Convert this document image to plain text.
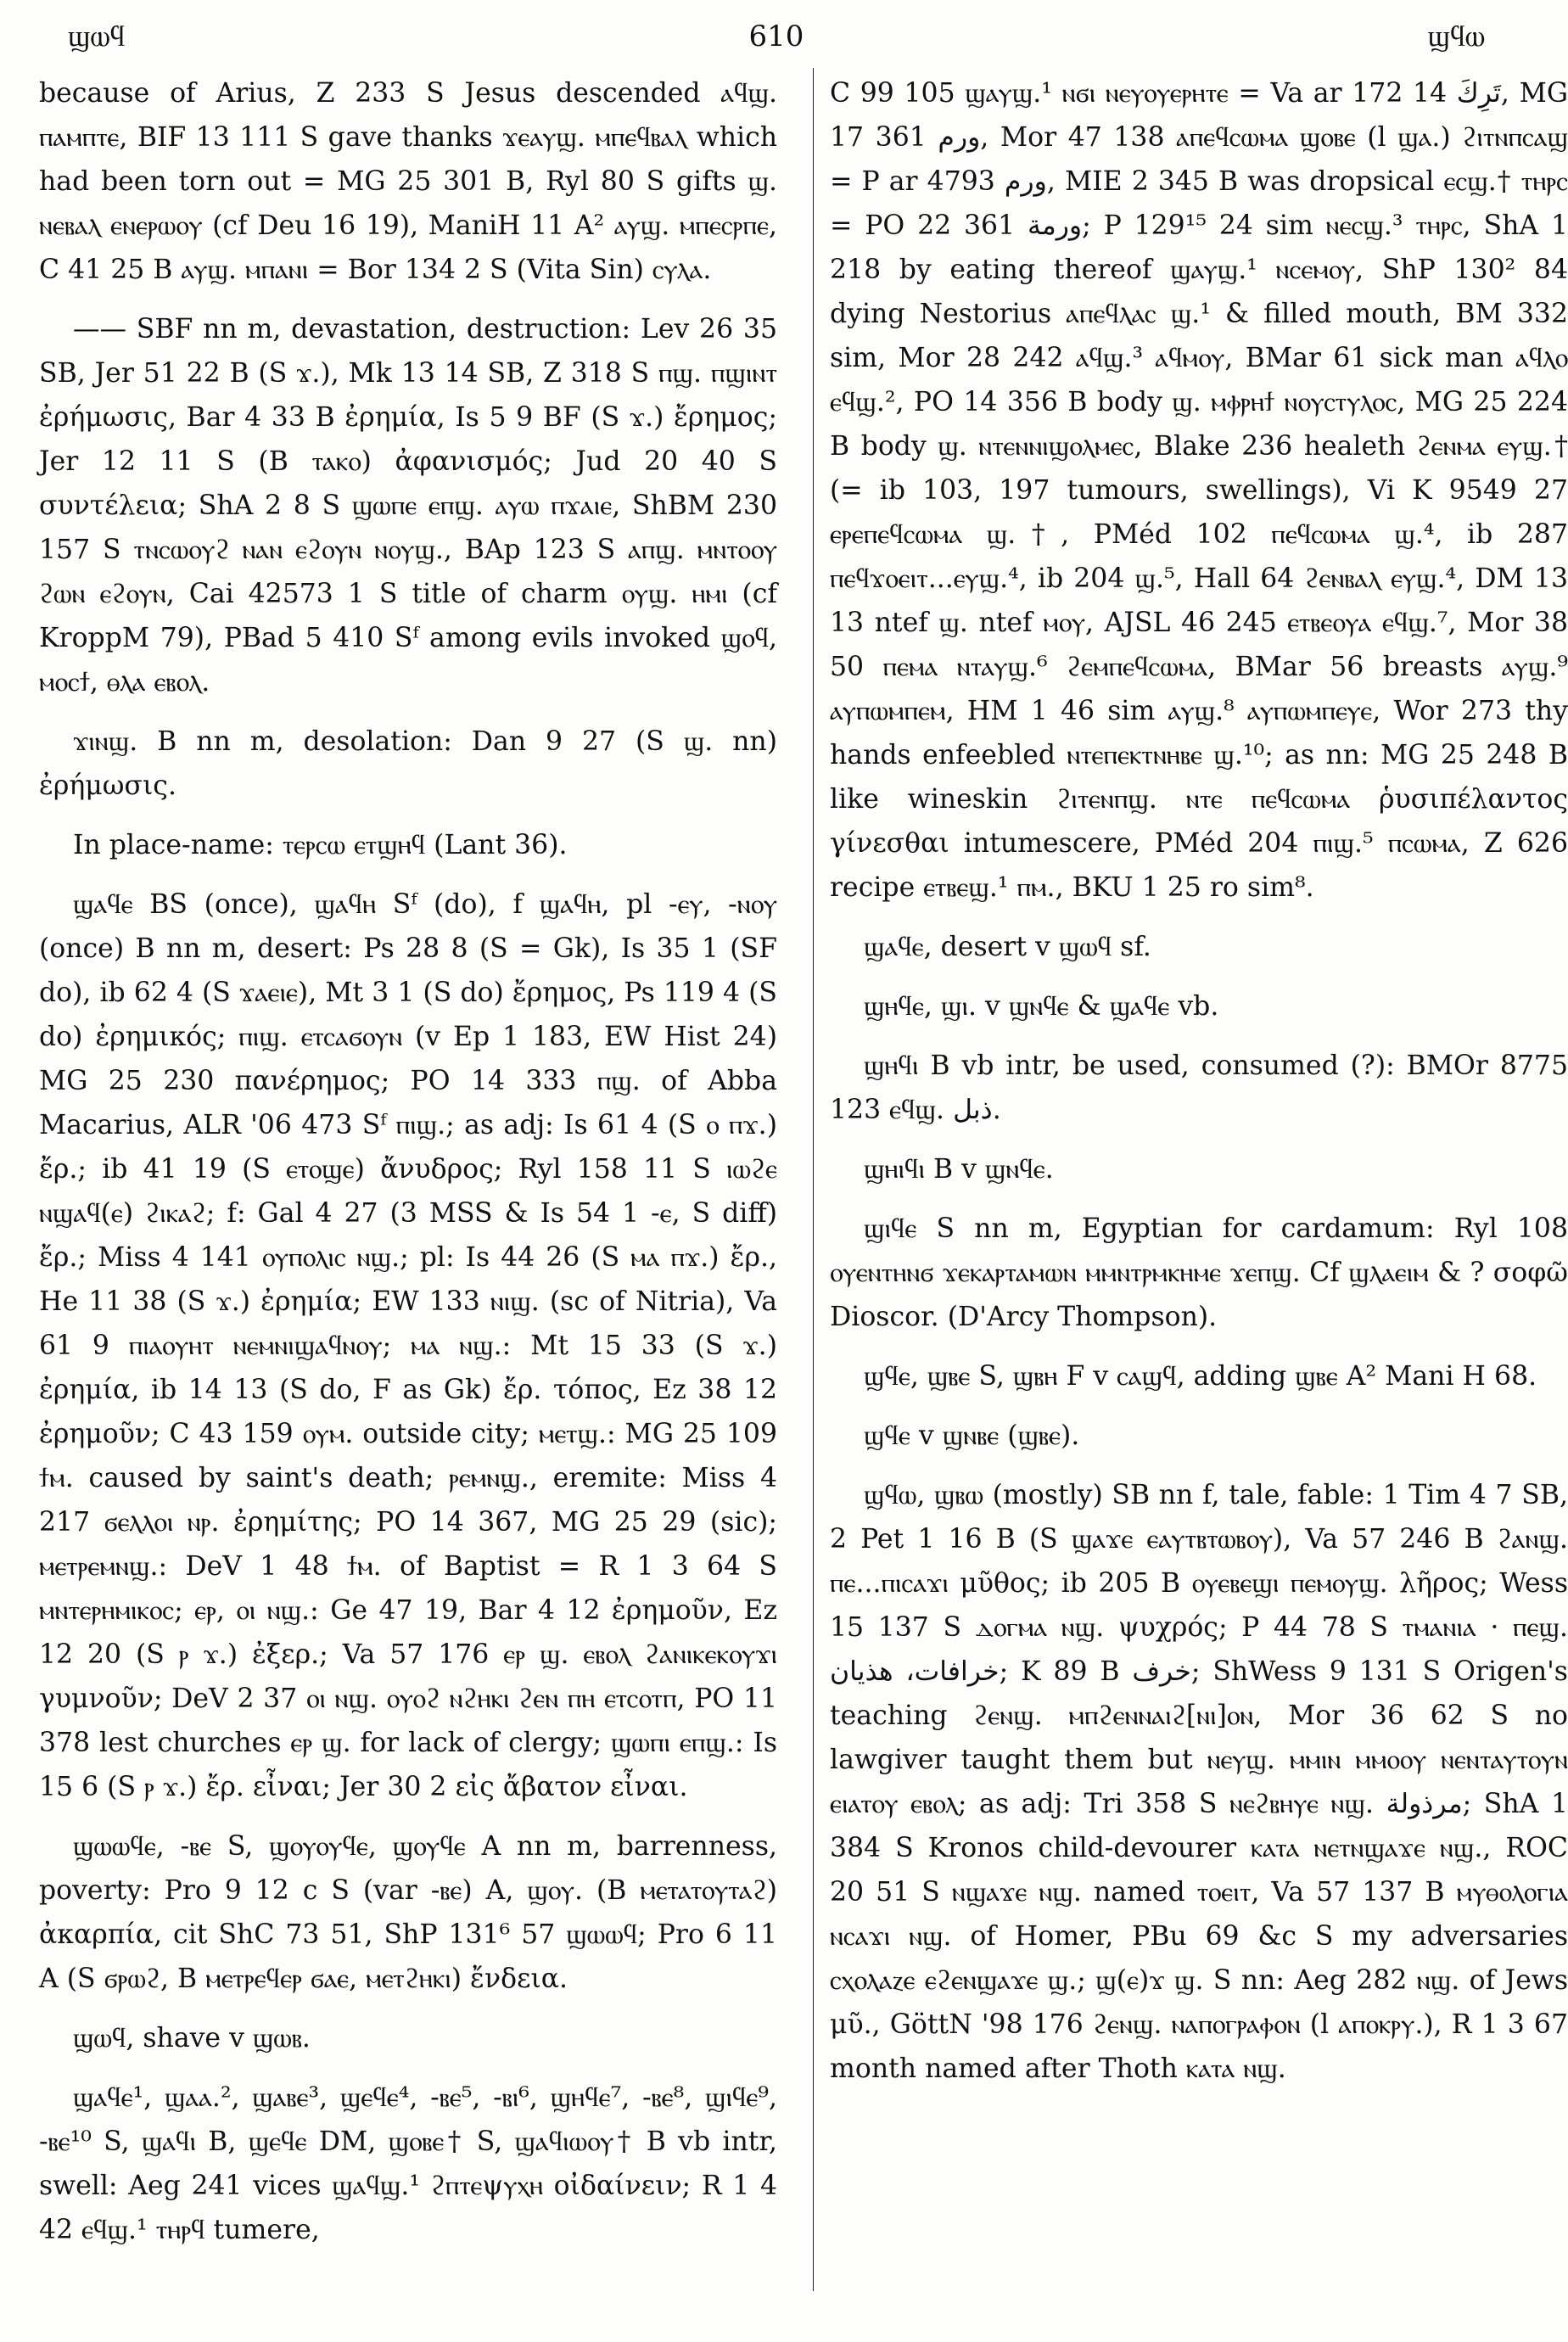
ϣⲱϥ	610	ϣϥⲱ

because of Arius, Z 233 S Jesus descended ⲁϥϣ. ⲡⲁⲙⲡⲧⲉ, BIF 13 111 S gave thanks ϫⲉⲁⲩϣ. ⲙⲡⲉϥⲃⲁⲗ which had been torn out = MG 25 301 B, Ryl 80 S gifts ϣ. ⲛⲉⲃⲁⲗ ⲉⲛⲉⲣⲱⲟⲩ (cf Deu 16 19), ManiH 11 A² ⲁⲩϣ. ⲙⲡⲉⲥⲣⲡⲉ, C 41 25 B ⲁⲩϣ. ⲙⲡⲁⲛⲓ = Bor 134 2 S (Vita Sin) ⲥⲩⲗⲁ.

—— SBF nn m, devastation, destruction: Lev 26 35 SB, Jer 51 22 B (S ϫ.), Mk 13 14 SB, Z 318 S ⲡϣ. ⲡϣⲓⲛⲧ ἐρήμωσις, Bar 4 33 B ἐρημία, Is 5 9 BF (S ϫ.) ἔρημος; Jer 12 11 S (B ⲧⲁⲕⲟ) ἀφανισμός; Jud 20 40 S συντέλεια; ShA 2 8 S ϣⲱⲡⲉ ⲉⲡϣ. ⲁⲩⲱ ⲡϫⲁⲓⲉ, ShBM 230 157 S ⲧⲛⲥⲱⲟⲩϩ ⲛⲁⲛ ⲉϩⲟⲩⲛ ⲛⲟⲩϣ., BAp 123 S ⲁⲡϣ. ⲙⲛⲧⲟⲟⲩ ϩⲱⲛ ⲉϩⲟⲩⲛ, Cai 42573 1 S title of charm ⲟⲩϣ. ⲏⲙⲓ (cf KroppM 79), PBad 5 410 Sᶠ among evils invoked ϣⲟϥ, ⲙⲟⲥϯ, ⲑⲗⲁ ⲉⲃⲟⲗ.

ϫⲓⲛϣ. B nn m, desolation: Dan 9 27 (S ϣ. nn) ἐρήμωσις.

In place-name: ⲧⲉⲣⲥⲱ ⲉⲧϣⲏϥ (Lant 36).

ϣⲁϥⲉ BS (once), ϣⲁϥⲏ Sᶠ (do), f ϣⲁϥⲏ, pl -ⲉⲩ, -ⲛⲟⲩ (once) B nn m, desert: Ps 28 8 (S = Gk), Is 35 1 (SF do), ib 62 4 (S ϫⲁⲉⲓⲉ), Mt 3 1 (S do) ἔρημος, Ps 119 4 (S do) ἐρημικός; ⲡⲓϣ. ⲉⲧⲥⲁϭⲟⲩⲛ (v Ep 1 183, EW Hist 24) MG 25 230 πανέρημος; PO 14 333 ⲡϣ. of Abba Macarius, ALR '06 473 Sᶠ ⲡⲓϣ.; as adj: Is 61 4 (S ⲟ ⲡϫ.) ἔρ.; ib 41 19 (S ⲉⲧⲟϣⲉ) ἄνυδρος; Ryl 158 11 S ⲓⲱϩⲉ ⲛϣⲁϥ(ⲉ) ϩⲓⲕⲁϩ; f: Gal 4 27 (3 MSS & Is 54 1 -ⲉ, S diff) ἔρ.; Miss 4 141 ⲟⲩⲡⲟⲗⲓⲥ ⲛϣ.; pl: Is 44 26 (S ⲙⲁ ⲡϫ.) ἔρ., He 11 38 (S ϫ.) ἐρημία; EW 133 ⲛⲓϣ. (sc of Nitria), Va 61 9 ⲡⲓⲁⲟⲩⲏⲧ ⲛⲉⲙⲛⲓϣⲁϥⲛⲟⲩ; ⲙⲁ ⲛϣ.: Mt 15 33 (S ϫ.) ἐρημία, ib 14 13 (S do, F as Gk) ἔρ. τόπος, Ez 38 12 ἐρημοῦν; C 43 159 ⲟⲩⲙ. outside city; ⲙⲉⲧϣ.: MG 25 109 ϯⲙ. caused by saint's death; ⲣⲉⲙⲛϣ., eremite: Miss 4 217 ϭⲉⲗⲗⲟⲓ ⲛⲣ. ἐρημίτης; PO 14 367, MG 25 29 (sic); ⲙⲉⲧⲣⲉⲙⲛϣ.: DeV 1 48 ϯⲙ. of Baptist = R 1 3 64 S ⲙⲛⲧⲉⲣⲏⲙⲓⲕⲟⲥ; ⲉⲣ, ⲟⲓ ⲛϣ.: Ge 47 19, Bar 4 12 ἐρημοῦν, Ez 12 20 (S ⲣ ϫ.) ἐξερ.; Va 57 176 ⲉⲣ ϣ. ⲉⲃⲟⲗ ϩⲁⲛⲓⲕⲉⲕⲟⲩϫⲓ γυμνοῦν; DeV 2 37 ⲟⲓ ⲛϣ. ⲟⲩⲟϩ ⲛϩⲏⲕⲓ ϩⲉⲛ ⲡⲏ ⲉⲧⲥⲟⲧⲡ, PO 11 378 lest churches ⲉⲣ ϣ. for lack of clergy; ϣⲱⲡⲓ ⲉⲡϣ.: Is 15 6 (S ⲣ ϫ.) ἔρ. εἶναι; Jer 30 2 εἰς ἄβατον εἶναι.

ϣⲱⲱϥⲉ, -ⲃⲉ S, ϣⲟⲩⲟⲩϥⲉ, ϣⲟⲩϥⲉ A nn m, barrenness, poverty: Pro 9 12 c S (var -ⲃⲉ) A, ϣⲟⲩ. (B ⲙⲉⲧⲁⲧⲟⲩⲧⲁϩ) ἀκαρπία, cit ShC 73 51, ShP 131⁶ 57 ϣⲱⲱϥ; Pro 6 11 A (S ϭⲣⲱϩ, B ⲙⲉⲧⲣⲉϥⲉⲣ ϭⲁⲉ, ⲙⲉⲧϩⲏⲕⲓ) ἔνδεια.

ϣⲱϥ, shave v ϣⲱⲃ.

ϣⲁϥⲉ¹, ϣⲁⲁ.², ϣⲁⲃⲉ³, ϣⲉϥⲉ⁴, -ⲃⲉ⁵, -ⲃⲓ⁶, ϣⲏϥⲉ⁷, -ⲃⲉ⁸, ϣⲓϥⲉ⁹, -ⲃⲉ¹⁰ S, ϣⲁϥⲓ B, ϣⲉϥⲉ DM, ϣⲟⲃⲉ† S, ϣⲁϥⲓⲱⲟⲩ† B vb intr, swell: Aeg 241 vices ϣⲁϥϣ.¹ ϩⲡⲧⲉψⲩⲭⲏ οἰδαίνειν; R 1 4 42 ⲉϥϣ.¹ ⲧⲏⲣϥ tumere,

C 99 105 ϣⲁⲩϣ.¹ ⲛϭⲓ ⲛⲉⲩⲟⲩⲉⲣⲏⲧⲉ = Va ar 172 14 تَرِكَ, MG 17 361 ورم, Mor 47 138 ⲁⲡⲉϥⲥⲱⲙⲁ ϣⲟⲃⲉ (l ϣⲁ.) ϩⲓⲧⲛⲡⲥⲁϣ = P ar 4793 ورم, MIE 2 345 B was dropsical ⲉⲥϣ.† ⲧⲏⲣⲥ = PO 22 361 ورمة; P 129¹⁵ 24 sim ⲛⲉⲥϣ.³ ⲧⲏⲣⲥ, ShA 1 218 by eating thereof ϣⲁⲩϣ.¹ ⲛⲥⲉⲙⲟⲩ, ShP 130² 84 dying Nestorius ⲁⲡⲉϥⲗⲁⲥ ϣ.¹ & filled mouth, BM 332 sim, Mor 28 242 ⲁϥϣ.³ ⲁϥⲙⲟⲩ, BMar 61 sick man ⲁϥⲗⲟ ⲉϥϣ.², PO 14 356 B body ϣ. ⲙⲫⲣⲏϯ ⲛⲟⲩⲥⲧⲩⲗⲟⲥ, MG 25 224 B body ϣ. ⲛⲧⲉⲛⲛⲓϣⲟⲗⲙⲉⲥ, Blake 236 healeth ϩⲉⲛⲙⲁ ⲉⲩϣ.† (= ib 103, 197 tumours, swellings), Vi K 9549 27 ⲉⲣⲉⲡⲉϥⲥⲱⲙⲁ ϣ.†, PMéd 102 ⲡⲉϥⲥⲱⲙⲁ ϣ.⁴, ib 287 ⲡⲉϥϫⲟⲉⲓⲧ...ⲉⲩϣ.⁴, ib 204 ϣ.⁵, Hall 64 ϩⲉⲛⲃⲁⲗ ⲉⲩϣ.⁴, DM 13 13 ntef ϣ. ntef ⲙⲟⲩ, AJSL 46 245 ⲉⲧⲃⲉⲟⲩⲁ ⲉϥϣ.⁷, Mor 38 50 ⲡⲉⲙⲁ ⲛⲧⲁⲩϣ.⁶ ϩⲉⲙⲡⲉϥⲥⲱⲙⲁ, BMar 56 breasts ⲁⲩϣ.⁹ ⲁⲩⲡⲱⲙⲡⲉⲙ, HM 1 46 sim ⲁⲩϣ.⁸ ⲁⲩⲡⲱⲙⲡⲉⲩⲉ, Wor 273 thy hands enfeebled ⲛⲧⲉⲡⲉⲕⲧⲛⲏⲃⲉ ϣ.¹⁰; as nn: MG 25 248 B like wineskin ϩⲓⲧⲉⲛⲡϣ. ⲛⲧⲉ ⲡⲉϥⲥⲱⲙⲁ ῥυσιπέλαντος γίνεσθαι intumescere, PMéd 204 ⲡⲓϣ.⁵ ⲡⲥⲱⲙⲁ, Z 626 recipe ⲉⲧⲃⲉϣ.¹ ⲡⲙ., BKU 1 25 ro sim⁸.

ϣⲁϥⲉ, desert v ϣⲱϥ sf.

ϣⲏϥⲉ, ϣⲓ. v ϣⲛϥⲉ & ϣⲁϥⲉ vb.

ϣⲏϥⲓ B vb intr, be used, consumed (?): BMOr 8775 123 ⲉϥϣ. ذبل.

ϣⲏⲓϥⲓ B v ϣⲛϥⲉ.

ϣⲓϥⲉ S nn m, Egyptian for cardamum: Ryl 108 ⲟⲩⲉⲛⲧⲏⲛϭ ϫⲉⲕⲁⲣⲧⲁⲙⲱⲛ ⲙⲙⲛⲧⲣⲙⲕⲏⲙⲉ ϫⲉⲡϣ. Cf ϣⲗⲁⲉⲓⲙ & ? σοφῶ Dioscor. (D'Arcy Thompson).

ϣϥⲉ, ϣⲃⲉ S, ϣⲃⲏ F v ⲥⲁϣϥ, adding ϣⲃⲉ A² Mani H 68.

ϣϥⲉ v ϣⲛⲃⲉ (ϣⲃⲉ).

ϣϥⲱ, ϣⲃⲱ (mostly) SB nn f, tale, fable: 1 Tim 4 7 SB, 2 Pet 1 16 B (S ϣⲁϫⲉ ⲉⲁⲩⲧⲃⲧⲱⲃⲟⲩ), Va 57 246 B ϩⲁⲛϣ. ⲡⲉ...ⲡⲓⲥⲁϫⲓ μῦθος; ib 205 B ⲟⲩⲉⲃⲉϣⲓ ⲡⲉⲙⲟⲩϣ. λῆρος; Wess 15 137 S ⲇⲟⲅⲙⲁ ⲛϣ. ψυχρός; P 44 78 S ⲧⲙⲁⲛⲓⲁ · ⲡⲉϣ. خرافات، هذيان; K 89 B خرف; ShWess 9 131 S Origen's teaching ϩⲉⲛϣ. ⲙⲡϩⲉⲛⲛⲁⲓϩ[ⲛⲓ]ⲟⲛ, Mor 36 62 S no lawgiver taught them but ⲛⲉⲩϣ. ⲙⲙⲓⲛ ⲙⲙⲟⲟⲩ ⲛⲉⲛⲧⲁⲩⲧⲟⲩⲛ ⲉⲓⲁⲧⲟⲩ ⲉⲃⲟⲗ; as adj: Tri 358 S ⲛⲉϩⲃⲏⲩⲉ ⲛϣ. مرذولة; ShA 1 384 S Kronos child-devourer ⲕⲁⲧⲁ ⲛⲉⲧⲛϣⲁϫⲉ ⲛϣ., ROC 20 51 S ⲛϣⲁϫⲉ ⲛϣ. named ⲧⲟⲉⲓⲧ, Va 57 137 B ⲙⲩⲑⲟⲗⲟⲅⲓⲁ ⲛⲥⲁϫⲓ ⲛϣ. of Homer, PBu 69 &c S my adversaries ⲥⲭⲟⲗⲁⲍⲉ ⲉϩⲉⲛϣⲁϫⲉ ϣ.; ϣ(ⲉ)ϫ ϣ. S nn: Aeg 282 ⲛϣ. of Jews μῦ., GöttN '98 176 ϩⲉⲛϣ. ⲛⲁⲡⲟⲅⲣⲁⲫⲟⲛ (l ⲁⲡⲟⲕⲣⲩ.), R 1 3 67 month named after Thoth ⲕⲁⲧⲁ ⲛϣ.
